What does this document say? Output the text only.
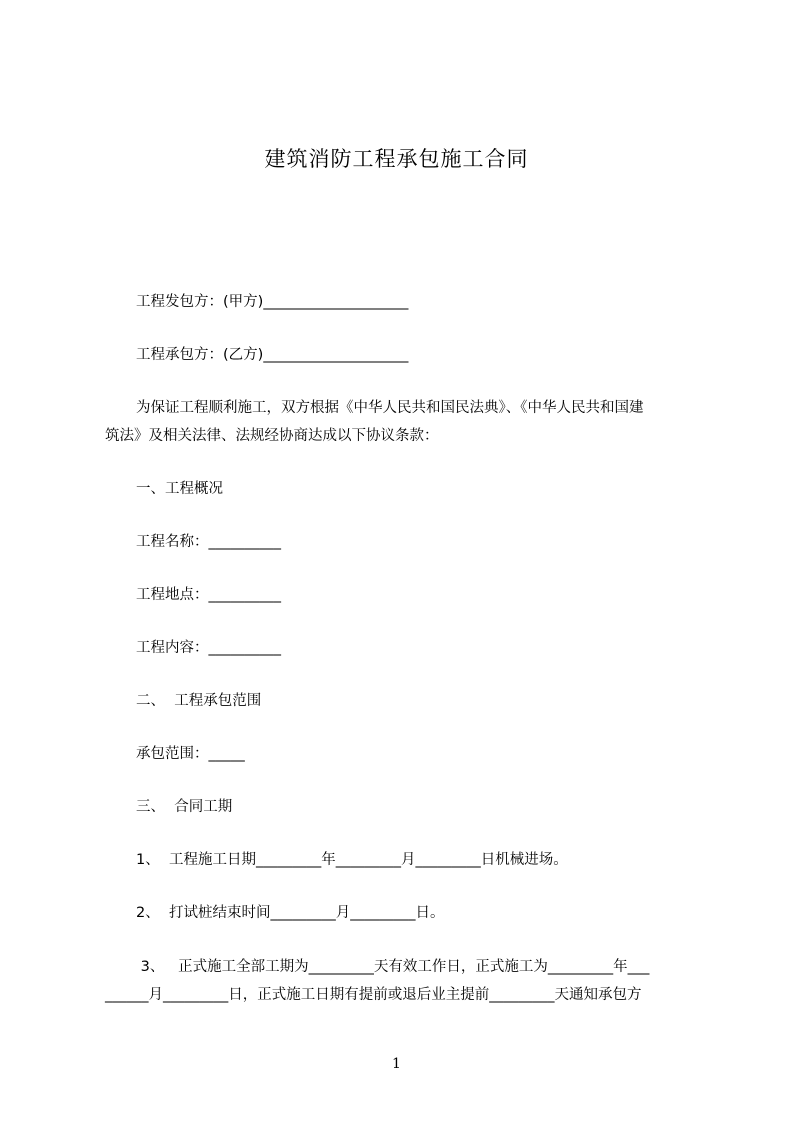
建筑消防工程承包施工合同
工程发包方：(甲方)____________________
工程承包方：(乙方)____________________
为保证工程顺利施工，双方根据《中华人民共和国民法典》、《中华人民共和国建
筑法》及相关法律、法规经协商达成以下协议条款：
一、工程概况
工程名称：__________
工程地点：__________
工程内容：__________
二、  工程承包范围
承包范围：_____
三、  合同工期
1、  工程施工日期_________年_________月_________日机械进场。
2、  打试桩结束时间_________月_________日。
3、   正式施工全部工期为_________天有效工作日，正式施工为_________年___
______月_________日，正式施工日期有提前或退后业主提前_________天通知承包方
1
